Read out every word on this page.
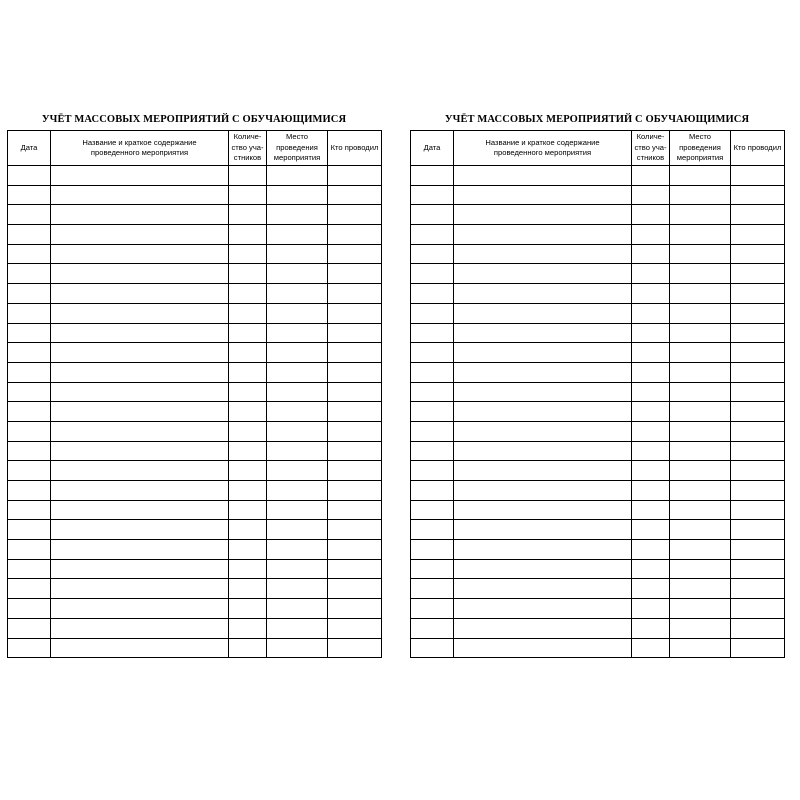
УЧЁТ МАССОВЫХ МЕРОПРИЯТИЙ С ОБУЧАЮЩИМИСЯ
Дата	Название и краткое содержание
проведенного мероприятия	Количе-
ство уча-
стников	Место
проведения
мероприятия	Кто проводил

УЧЁТ МАССОВЫХ МЕРОПРИЯТИЙ С ОБУЧАЮЩИМИСЯ
Дата	Название и краткое содержание
проведенного мероприятия	Количе-
ство уча-
стников	Место
проведения
мероприятия	Кто проводил
